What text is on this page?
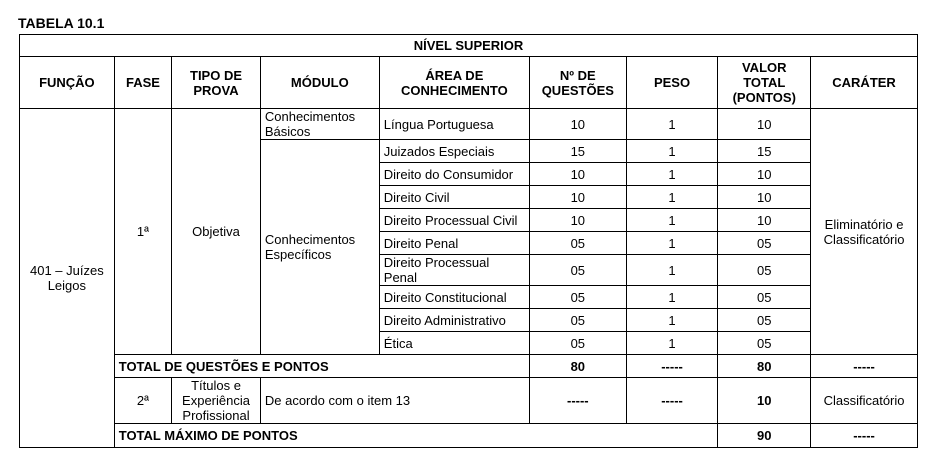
TABELA 10.1
NÍVEL SUPERIOR								
FUNÇÃO	FASE	TIPO DE PROVA	MÓDULO	ÁREA DE CONHECIMENTO	Nº DE QUESTÕES	PESO	VALOR TOTAL (PONTOS)	CARÁTER
401 – Juízes Leigos	1ª	Objetiva	Conhecimentos Básicos	Língua Portuguesa	10	1	10	Eliminatório e Classificatório
			Conhecimentos Específicos	Juizados Especiais	15	1	15	
				Direito do Consumidor	10	1	10	
				Direito Civil	10	1	10	
				Direito Processual Civil	10	1	10	
				Direito Penal	05	1	05	
				Direito Processual Penal	05	1	05	
				Direito Constitucional	05	1	05	
				Direito Administrativo	05	1	05	
				Ética	05	1	05	
	TOTAL DE QUESTÕES E PONTOS				80	-----	80	-----
	2ª	Títulos e Experiência Profissional	De acordo com o item 13		-----	-----	10	Classificatório
	TOTAL MÁXIMO DE PONTOS						90	-----
